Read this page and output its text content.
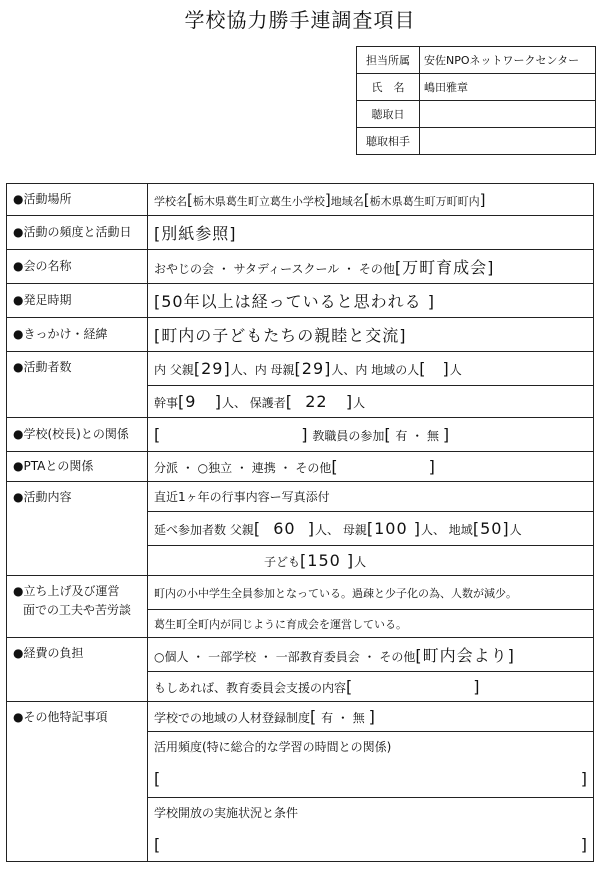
学校協力勝手連調査項目
担当所属	安佐NPOネットワークセンター
氏　名	嶋田雅章
聴取日	
聴取相手	
●活動場所	学校名[栃木県葛生町立葛生小学校]地域名[栃木県葛生町万町町内]
●活動の頻度と活動日	[別紙参照]
●会の名称	おやじの会 ・ サタディースクール ・ その他[万町育成会]
●発足時期	[50年以上は経っていると思われる ]
●きっかけ・経緯	[町内の子どもたちの親睦と交流]
●活動者数	内 父親[29]人、内 母親[29]人、内 地域の人[ ]人
	幹事[9   ]人、 保護者[  22   ]人
●学校(校長)との関係	[ ] 教職員の参加[ 有 ・ 無 ]
●PTAとの関係	分派 ・ ○独立 ・ 連携 ・ その他[ ]
●活動内容	直近1ヶ年の行事内容ー写真添付
	延べ参加者数 父親[  60  ]人、 母親[100 ]人、 地域[50]人
	子ども[150 ]人

●立ち上げ及び運営
面での工夫や苦労談	町内の小中学生全員参加となっている。過疎と少子化の為、人数が減少。
	葛生町全町内が同じように育成会を運営している。
●経費の負担	○個人 ・ 一部学校 ・ 一部教育委員会 ・ その他[町内会より]
	もしあれば、教育委員会支援の内容[ ]
●その他特記事項	学校での地域の人材登録制度[ 有 ・ 無 ]

	活用頻度(特に総合的な学習の時間との関係)
[ ]

	学校開放の実施状況と条件
[ ]
